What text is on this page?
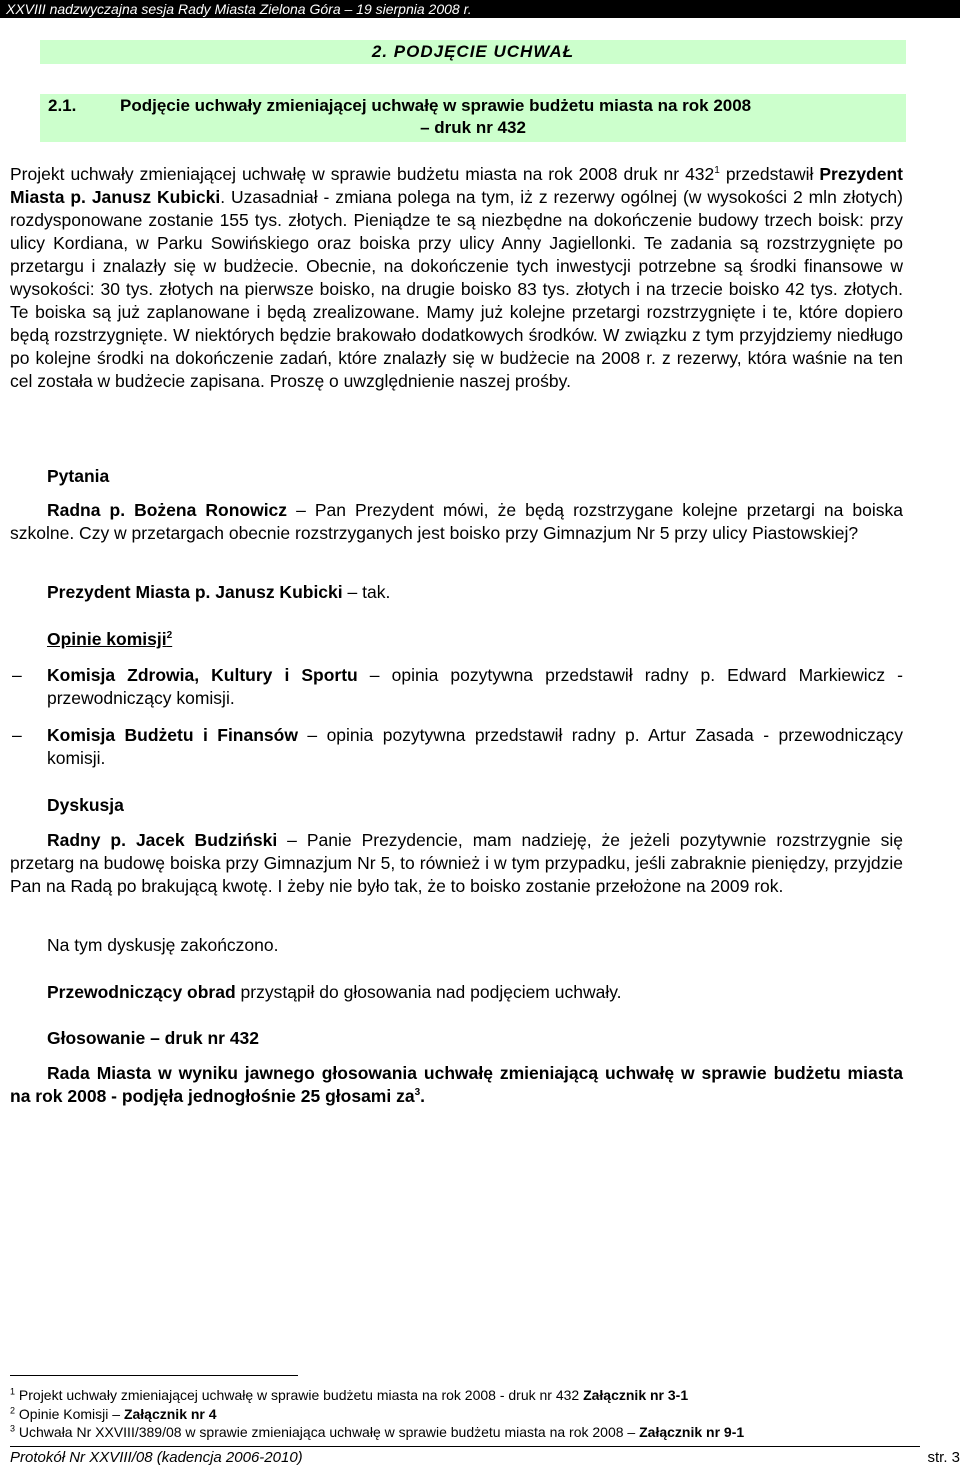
XXVIII nadzwyczajna sesja Rady Miasta Zielona Góra – 19 sierpnia 2008 r.
2. PODJĘCIE UCHWAŁ
2.1.	Podjęcie uchwały zmieniającej uchwałę w sprawie budżetu miasta na rok 2008
– druk nr 432

Projekt uchwały zmieniającej uchwałę w sprawie budżetu miasta na rok 2008 druk nr $432^1$ przedstawił Prezydent Miasta p. Janusz Kubicki. Uzasadniał - zmiana polega na tym, iż z rezerwy ogólnej (w wysokości 2 mln złotych) rozdysponowane zostanie 155 tys. złotych. Pieniądze te są niezbędne na dokończenie budowy trzech boisk: przy ulicy Kordiana, w Parku Sowińskiego oraz boiska przy ulicy Anny Jagiellonki. Te zadania są rozstrzygnięte po przetargu i znalazły się w budżecie. Obecnie, na dokończenie tych inwestycji potrzebne są środki finansowe w wysokości: 30 tys. złotych na pierwsze boisko, na drugie boisko 83 tys. złotych i na trzecie boisko 42 tys. złotych. Te boiska są już zaplanowane i będą zrealizowane. Mamy już kolejne przetargi rozstrzygnięte i te, które dopiero będą rozstrzygnięte. W niektórych będzie brakowało dodatkowych środków. W związku z tym przyjdziemy niedługo po kolejne środki na dokończenie zadań, które znalazły się w budżecie na 2008 r. z rezerwy, która waśnie na ten cel została w budżecie zapisana. Proszę o uwzględnienie naszej prośby.

Pytania

Radna p. Bożena Ronowicz – Pan Prezydent mówi, że będą rozstrzygane kolejne przetargi na boiska szkolne. Czy w przetargach obecnie rozstrzyganych jest boisko przy Gimnazjum Nr 5 przy ulicy Piastowskiej?

Prezydent Miasta p. Janusz Kubicki – tak.

Opinie komisji$^2$
– Komisja Zdrowia, Kultury i Sportu – opinia pozytywna przedstawił radny p. Edward Markiewicz - przewodniczący komisji.

– Komisja Budżetu i Finansów – opinia pozytywna przedstawił radny p. Artur Zasada - przewodniczący komisji.

Dyskusja

Radny p. Jacek Budziński – Panie Prezydencie, mam nadzieję, że jeżeli pozytywnie rozstrzygnie się przetarg na budowę boiska przy Gimnazjum Nr 5, to również i w tym przypadku, jeśli zabraknie pieniędzy, przyjdzie Pan na Radą po brakującą kwotę. I żeby nie było tak, że to boisko zostanie przełożone na 2009 rok.

Na tym dyskusję zakończono.
Przewodniczący obrad przystąpił do głosowania nad podjęciem uchwały.
Głosowanie – druk nr 432

Rada Miasta w wyniku jawnego głosowania uchwałę zmieniającą uchwałę w sprawie budżetu miasta na rok 2008 - podjęła jednogłośnie 25 głosami $za^3$.

$^1$ Projekt uchwały zmieniającej uchwałę w sprawie budżetu miasta na rok 2008 - druk nr 432 Załącznik nr 3-1
$^2$ Opinie Komisji – Załącznik nr 4
$^3$ Uchwała Nr XXVIII/389/08 w sprawie zmieniająca uchwałę w sprawie budżetu miasta na rok 2008 – Załącznik nr 9-1
Protokół Nr XXVIII/08 (kadencja 2006-2010)	str. 3
